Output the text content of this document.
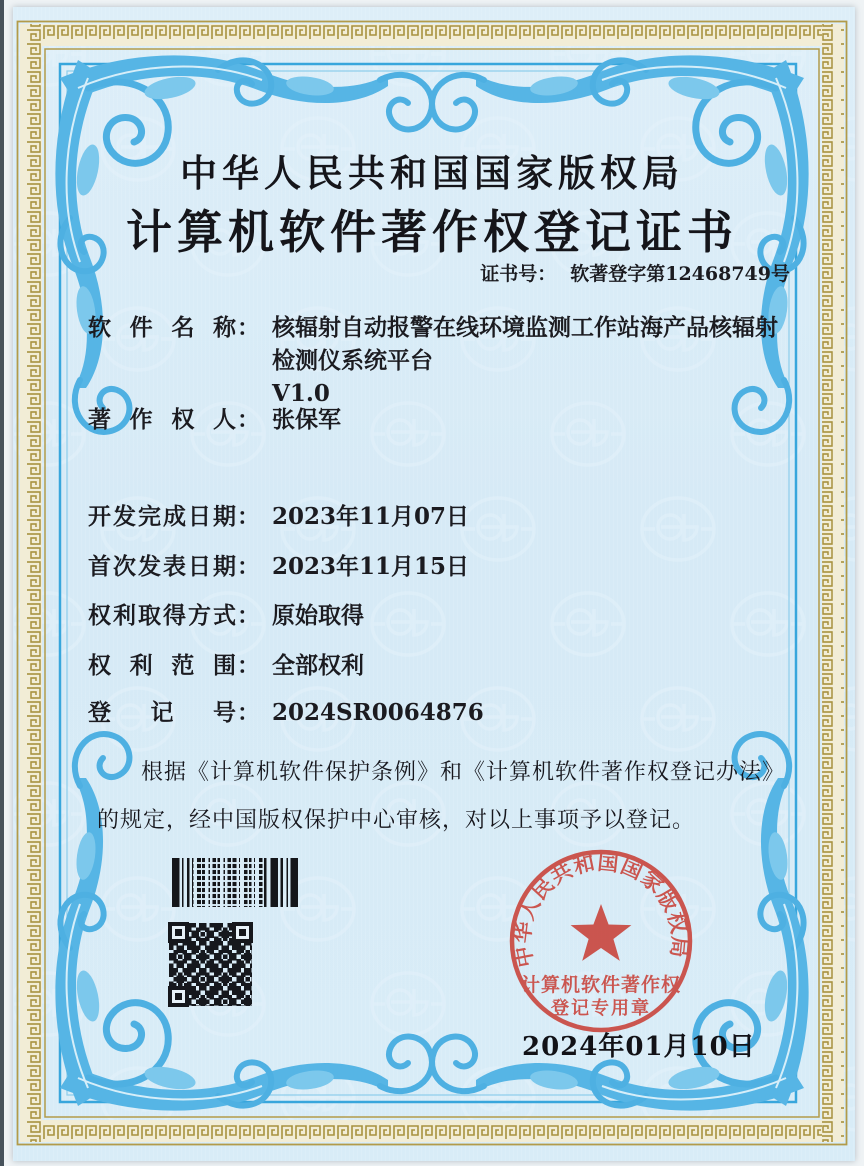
中华人民共和国国家版权局
计算机软件著作权登记证书
证书号： 软著登字第12468749号
软件名称 ： 核辐射自动报警在线环境监测工作站海产品核辐射检测仪系统平台
V1.0
著作权人 ： 张保军
开发完成日期 ： 2023年11月07日
首次发表日期 ： 2023年11月15日
权利取得方式 ： 原始取得
权利范围 ： 全部权利
登记号 ： 2024SR0064876

根据《计算机软件保护条例》和《计算机软件著作权登记办法》的规定，经中国版权保护中心审核，对以上事项予以登记。

中华人民共和国国家版权局
计算机软件著作权
登记专用章
2024年01月10日
